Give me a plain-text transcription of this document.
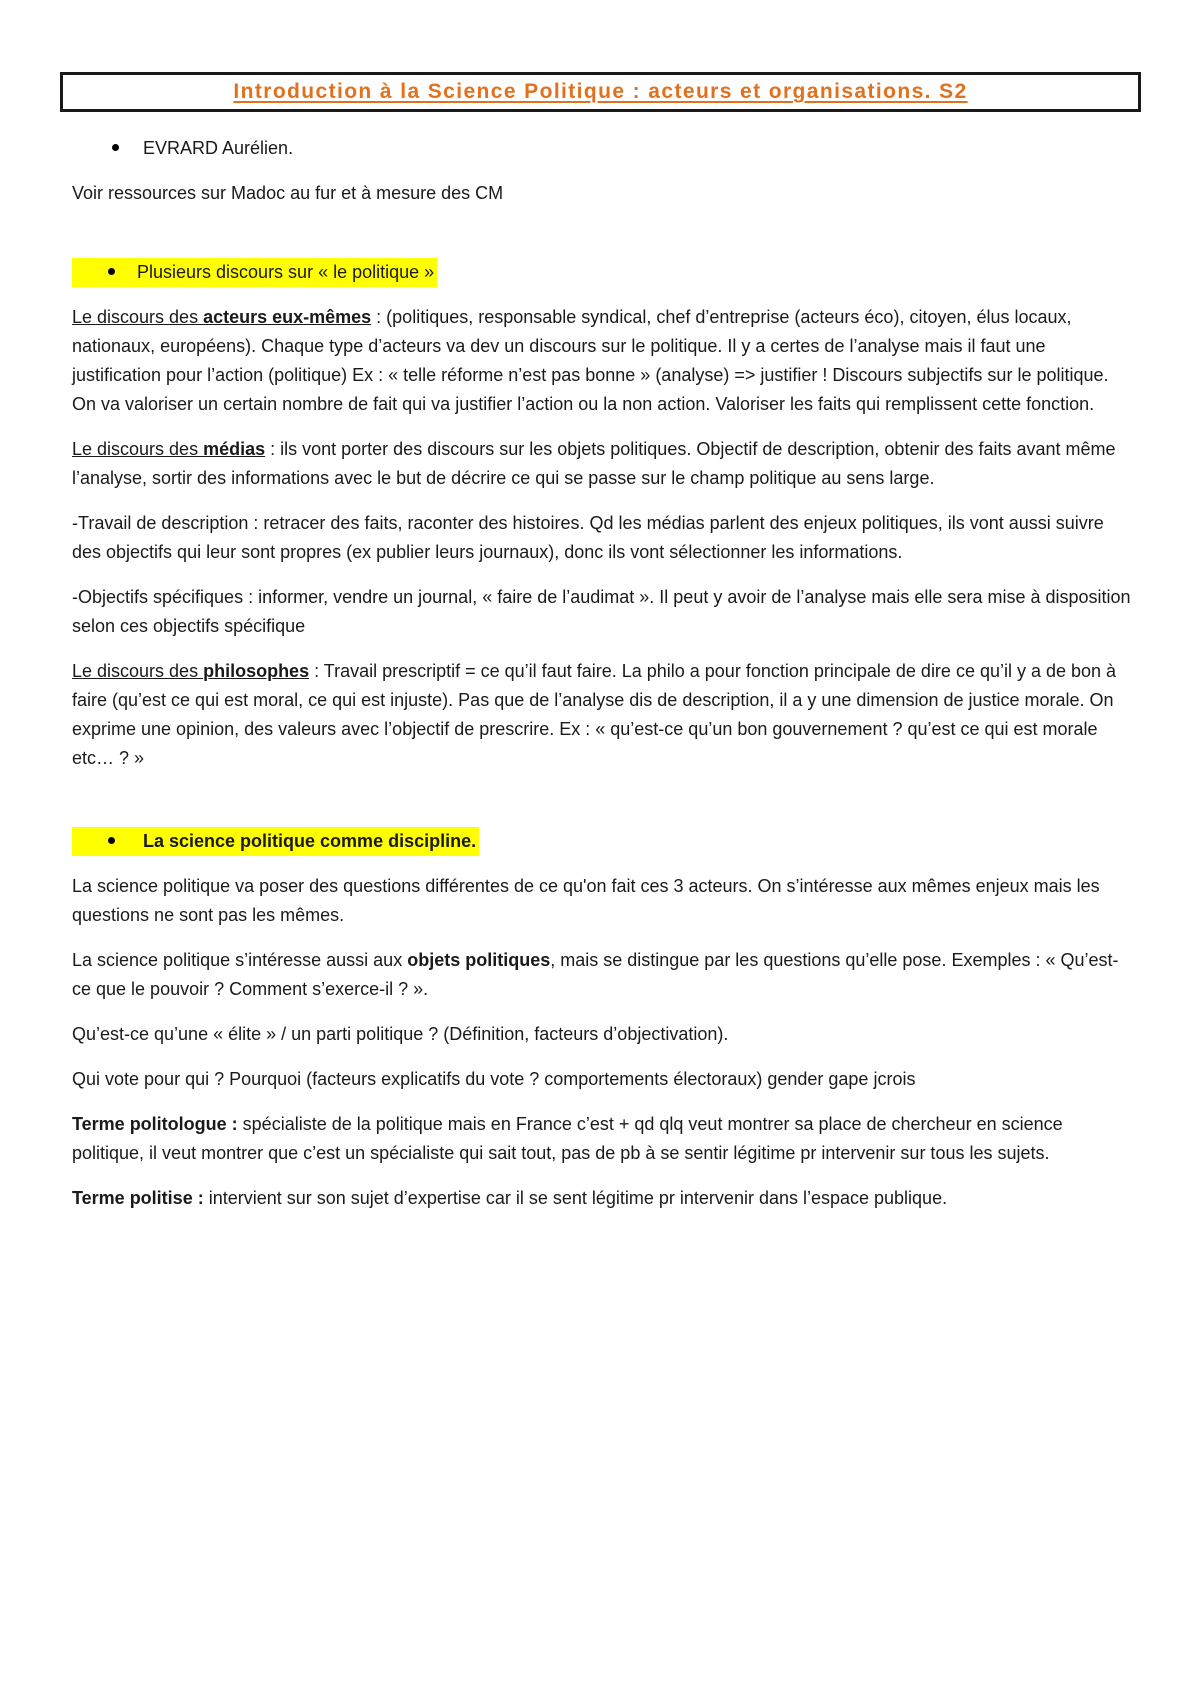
Introduction à la Science Politique : acteurs et organisations. S2
EVRARD Aurélien.

Voir ressources sur Madoc au fur et à mesure des CM

Plusieurs discours sur « le politique »

Le discours des acteurs eux-mêmes : (politiques, responsable syndical, chef d’entreprise (acteurs éco), citoyen, élus locaux, nationaux, européens). Chaque type d’acteurs va dev un discours sur le politique. Il y a certes de l’analyse mais il faut une justification pour l’action (politique) Ex : « telle réforme n’est pas bonne » (analyse) => justifier ! Discours subjectifs sur le politique. On va valoriser un certain nombre de fait qui va justifier l’action ou la non action. Valoriser les faits qui remplissent cette fonction.

Le discours des médias : ils vont porter des discours sur les objets politiques. Objectif de description, obtenir des faits avant même l’analyse, sortir des informations avec le but de décrire ce qui se passe sur le champ politique au sens large.

-Travail de description : retracer des faits, raconter des histoires. Qd les médias parlent des enjeux politiques, ils vont aussi suivre des objectifs qui leur sont propres (ex publier leurs journaux), donc ils vont sélectionner les informations.

-Objectifs spécifiques : informer, vendre un journal, « faire de l’audimat ». Il peut y avoir de l’analyse mais elle sera mise à disposition selon ces objectifs spécifique

Le discours des philosophes : Travail prescriptif = ce qu’il faut faire. La philo a pour fonction principale de dire ce qu’il y a de bon à faire (qu’est ce qui est moral, ce qui est injuste). Pas que de l’analyse dis de description, il a y une dimension de justice morale. On exprime une opinion, des valeurs avec l’objectif de prescrire. Ex : « qu’est-ce qu’un bon gouvernement ? qu’est ce qui est morale etc… ? »

La science politique comme discipline.

La science politique va poser des questions différentes de ce qu'on fait ces 3 acteurs. On s’intéresse aux mêmes enjeux mais les questions ne sont pas les mêmes.

La science politique s’intéresse aussi aux objets politiques, mais se distingue par les questions qu’elle pose. Exemples : « Qu’est-ce que le pouvoir ? Comment s’exerce-il ? ».

Qu’est-ce qu’une « élite » / un parti politique ? (Définition, facteurs d’objectivation).

Qui vote pour qui ? Pourquoi (facteurs explicatifs du vote ? comportements électoraux) gender gape jcrois

Terme politologue : spécialiste de la politique mais en France c’est + qd qlq veut montrer sa place de chercheur en science politique, il veut montrer que c’est un spécialiste qui sait tout, pas de pb à se sentir légitime pr intervenir sur tous les sujets.

Terme politise : intervient sur son sujet d’expertise car il se sent légitime pr intervenir dans l’espace publique.
